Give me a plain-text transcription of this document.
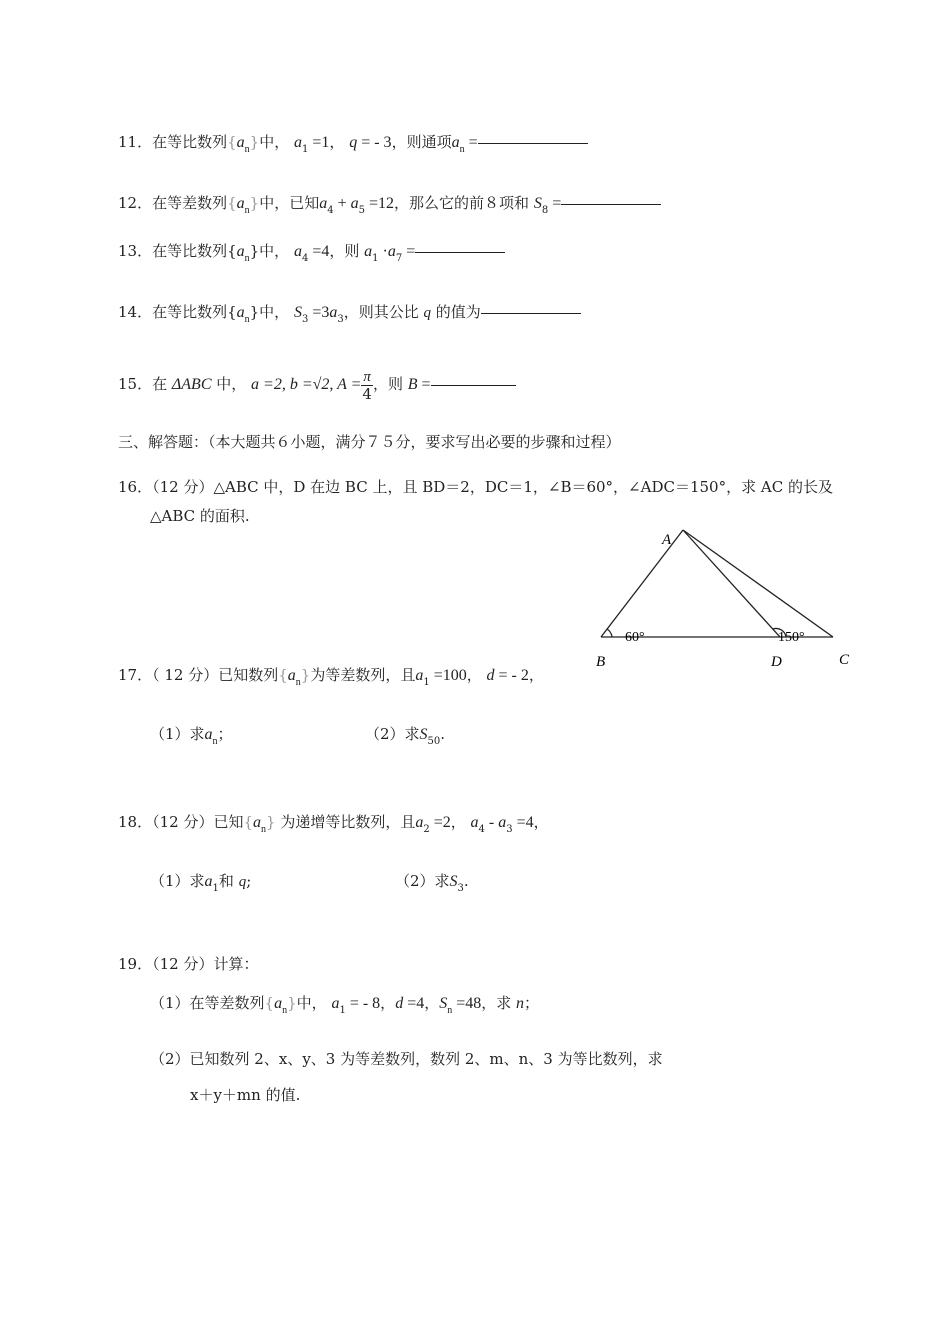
11．在等比数列$\{a_n\}$中， $a_1 =1$， q = - 3，则通项$a_n$ =
12．在等差数列$\{a_n\}$中，已知$a_4 + a_5 =12$，那么它的前８项和 $S_8$ =
13．在等比数列$\{a_n\}$中， $a_4 =4$，则 $a_1 \cdot a_7$ =
14．在等比数列$\{a_n\}$中， $S_3 =3a_3$，则其公比 q 的值为
15．在 ΔABC 中， a =2, b =√2, $A = \frac{\pi}{4}$ ，则 B =
三、解答题：（本大题共６小题，满分７５分，要求写出必要的步骤和过程）
16．（12 分）△ABC 中，D 在边 BC 上，且 BD＝2，DC＝1，∠B＝60°，∠ADC＝150°，求 AC 的长及
△ABC 的面积.
A
B	D	C
60°	150°
17．（ 12 分）已知数列$\{a_n\}$为等差数列，且$a_1 =100$， d = - 2，
（1）求$a_n$；	（2）求$S_{50}$.
18．（12 分）已知$\{a_n\}$ 为递增等比数列，且$a_2 =2$， $a_4 - a_3 =4$，
（1）求$a_1$和 q;	（2）求$S_3$.
19．（12 分）计算：
（1）在等差数列$\{a_n\}$中， $a_1$ = - 8，d =4，$S_n =48$，求 n；
（2）已知数列 2、x、y、3 为等差数列，数列 2、m、n、3 为等比数列，求
x＋y＋mn 的值.
